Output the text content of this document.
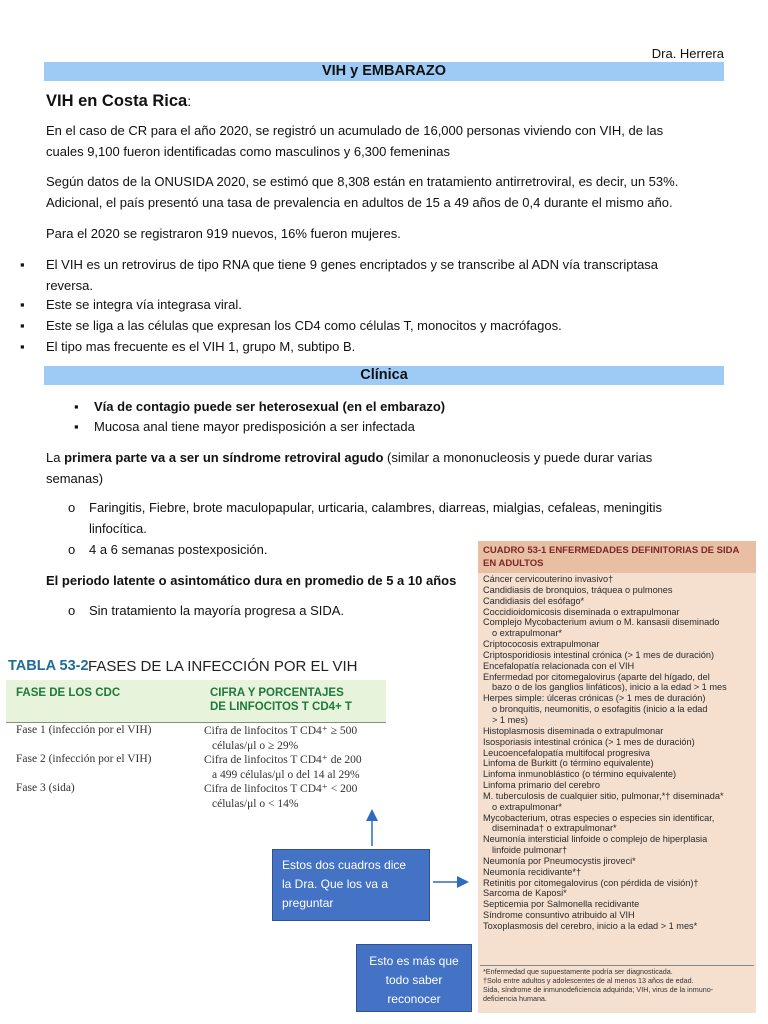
Dra. Herrera
VIH y EMBARAZO
VIH en Costa Rica:
En el caso de CR para el año 2020, se registró un acumulado de 16,000 personas viviendo con VIH, de las
cuales 9,100 fueron identificadas como masculinos y 6,300 femeninas
Según datos de la ONUSIDA 2020, se estimó que 8,308 están en tratamiento antirretroviral, es decir, un 53%.
Adicional, el país presentó una tasa de prevalencia en adultos de 15 a 49 años de 0,4 durante el mismo año.
Para el 2020 se registraron 919 nuevos, 16% fueron mujeres.
▪ El VIH es un retrovirus de tipo RNA que tiene 9 genes encriptados y se transcribe al ADN vía transcriptasa
reversa.
▪ Este se integra vía integrasa viral.
▪ Este se liga a las células que expresan los CD4 como células T, monocitos y macrófagos.
▪ El tipo mas frecuente es el VIH 1, grupo M, subtipo B.
Clínica
▪ Vía de contagio puede ser heterosexual (en el embarazo)
▪ Mucosa anal tiene mayor predisposición a ser infectada
La primera parte va a ser un síndrome retroviral agudo (similar a mononucleosis y puede durar varias
semanas)
o Faringitis, Fiebre, brote maculopapular, urticaria, calambres, diarreas, mialgias, cefaleas, meningitis
linfocítica.
o 4 a 6 semanas postexposición.
El periodo latente o asintomático dura en promedio de 5 a 10 años
o Sin tratamiento la mayoría progresa a SIDA.
TABLA 53-2 FASES DE LA INFECCIÓN POR EL VIH
FASE DE LOS CDC	CIFRA Y PORCENTAJES
DE LINFOCITOS T CD4+ T
Fase 1 (infección por el VIH)	Cifra de linfocitos T CD4⁺ ≥ 500
células/μl o ≥ 29%
Fase 2 (infección por el VIH)	Cifra de linfocitos T CD4⁺ de 200
a 499 células/μl o del 14 al 29%
Fase 3 (sida)	Cifra de linfocitos T CD4⁺ < 200
células/μl o < 14%
CUADRO 53-1 ENFERMEDADES DEFINITORIAS DE SIDA
EN ADULTOS
Cáncer cervicouterino invasivo†
Candidiasis de bronquios, tráquea o pulmones
Candidiasis del esófago*
Coccidioidomicosis diseminada o extrapulmonar
Complejo Mycobacterium avium o M. kansasii diseminado
o extrapulmonar*
Criptococosis extrapulmonar
Criptosporidiosis intestinal crónica (> 1 mes de duración)
Encefalopatía relacionada con el VIH
Enfermedad por citomegalovirus (aparte del hígado, del
bazo o de los ganglios linfáticos), inicio a la edad > 1 mes
Herpes simple: úlceras crónicas (> 1 mes de duración)
o bronquitis, neumonitis, o esofagitis (inicio a la edad
> 1 mes)
Histoplasmosis diseminada o extrapulmonar
Isosporiasis intestinal crónica (> 1 mes de duración)
Leucoencefalopatía multifocal progresiva
Linfoma de Burkitt (o término equivalente)
Linfoma inmunoblástico (o término equivalente)
Linfoma primario del cerebro
M. tuberculosis de cualquier sitio, pulmonar,*† diseminada*
o extrapulmonar*
Mycobacterium, otras especies o especies sin identificar,
diseminada† o extrapulmonar*
Neumonía intersticial linfoide o complejo de hiperplasia
linfoide pulmonar†
Neumonía por Pneumocystis jiroveci*
Neumonía recidivante*†
Retinitis por citomegalovirus (con pérdida de visión)†
Sarcoma de Kaposi*
Septicemia por Salmonella recidivante
Síndrome consuntivo atribuido al VIH
Toxoplasmosis del cerebro, inicio a la edad > 1 mes*
*Enfermedad que supuestamente podría ser diagnosticada.
†Solo entre adultos y adolescentes de al menos 13 años de edad.
Sida, síndrome de inmunodeficiencia adquirida; VIH, virus de la inmuno-
deficiencia humana.
Estos dos cuadros dice
la Dra. Que los va a
preguntar
Esto es más que
todo saber
reconocer
